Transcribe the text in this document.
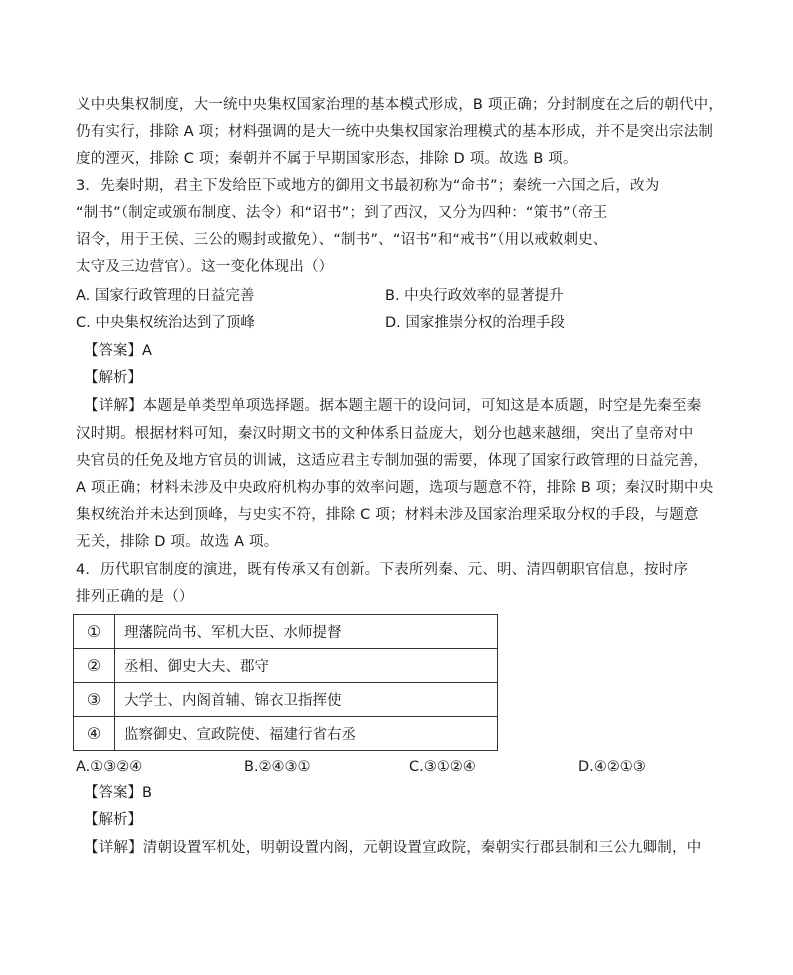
义中央集权制度，大一统中央集权国家治理的基本模式形成，B 项正确；分封制度在之后的朝代中，
仍有实行，排除 A 项；材料强调的是大一统中央集权国家治理模式的基本形成，并不是突出宗法制
度的湮灭，排除 C 项；秦朝并不属于早期国家形态，排除 D 项。故选 B 项。
3．先秦时期，君主下发给臣下或地方的御用文书最初称为“命书”；秦统一六国之后，改为
“制书”（制定或颁布制度、法令）和“诏书”；到了西汉，又分为四种：“策书”（帝王
诏令，用于王侯、三公的赐封或撤免）、“制书”、“诏书”和“戒书”（用以戒敕刺史、
太守及三边营官）。这一变化体现出（）
A. 国家行政管理的日益完善	B. 中央行政效率的显著提升
C. 中央集权统治达到了顶峰	D. 国家推崇分权的治理手段
【答案】A
【解析】
【详解】本题是单类型单项选择题。据本题主题干的设问词，可知这是本质题，时空是先秦至秦
汉时期。根据材料可知，秦汉时期文书的文种体系日益庞大，划分也越来越细，突出了皇帝对中
央官员的任免及地方官员的训诫，这适应君主专制加强的需要，体现了国家行政管理的日益完善，
A 项正确；材料未涉及中央政府机构办事的效率问题，选项与题意不符，排除 B 项；秦汉时期中央
集权统治并未达到顶峰，与史实不符，排除 C 项；材料未涉及国家治理采取分权的手段，与题意
无关，排除 D 项。故选 A 项。
4．历代职官制度的演进，既有传承又有创新。下表所列秦、元、明、清四朝职官信息，按时序
排列正确的是（）
①	理藩院尚书、军机大臣、水师提督
②	丞相、御史大夫、郡守
③	大学士、内阁首辅、锦衣卫指挥使
④	监察御史、宣政院使、福建行省右丞
A.①③②④	B.②④③①	C.③①②④	D.④②①③
【答案】B
【解析】
【详解】清朝设置军机处，明朝设置内阁，元朝设置宣政院，秦朝实行郡县制和三公九卿制，中
